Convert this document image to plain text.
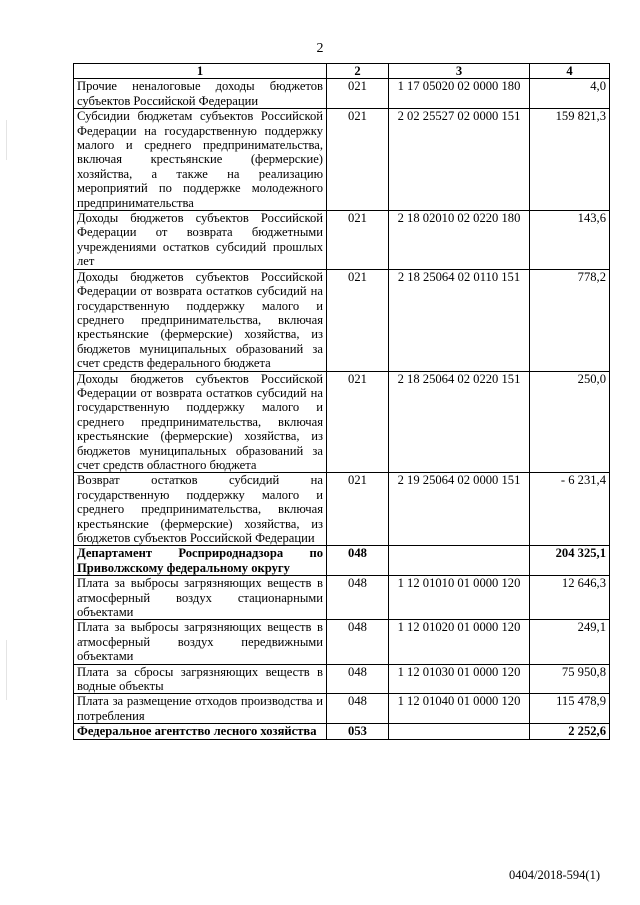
2
1	2	3	4
Прочие неналоговые доходы бюджетов субъектов Российской Федерации	021	1 17 05020 02 0000 180	4,0
Субсидии бюджетам субъектов Российской Федерации на государственную поддержку малого и среднего предпринимательства, включая крестьянские (фермерские) хозяйства, а также на реализацию мероприятий по поддержке молодежного предпринимательства	021	2 02 25527 02 0000 151	159 821,3
Доходы бюджетов субъектов Российской Федерации от возврата бюджетными учреждениями остатков субсидий прошлых лет	021	2 18 02010 02 0220 180	143,6
Доходы бюджетов субъектов Российской Федерации от возврата остатков субсидий на государственную поддержку малого и среднего предпринимательства, включая крестьянские (фермерские) хозяйства, из бюджетов муниципальных образований за счет средств федерального бюджета	021	2 18 25064 02 0110 151	778,2
Доходы бюджетов субъектов Российской Федерации от возврата остатков субсидий на государственную поддержку малого и среднего предпринимательства, включая крестьянские (фермерские) хозяйства, из бюджетов муниципальных образований за счет средств областного бюджета	021	2 18 25064 02 0220 151	250,0
Возврат остатков субсидий на государственную поддержку малого и среднего предпринимательства, включая крестьянские (фермерские) хозяйства, из бюджетов субъектов Российской Федерации	021	2 19 25064 02 0000 151	- 6 231,4
Департамент Росприроднадзора по Приволжскому федеральному округу	048		204 325,1
Плата за выбросы загрязняющих веществ в атмосферный воздух стационарными объектами	048	1 12 01010 01 0000 120	12 646,3
Плата за выбросы загрязняющих веществ в атмосферный воздух передвижными объектами	048	1 12 01020 01 0000 120	249,1
Плата за сбросы загрязняющих веществ в водные объекты	048	1 12 01030 01 0000 120	75 950,8
Плата за размещение отходов производства и потребления	048	1 12 01040 01 0000 120	115 478,9
Федеральное агентство лесного хозяйства	053		2 252,6
0404/2018-594(1)
